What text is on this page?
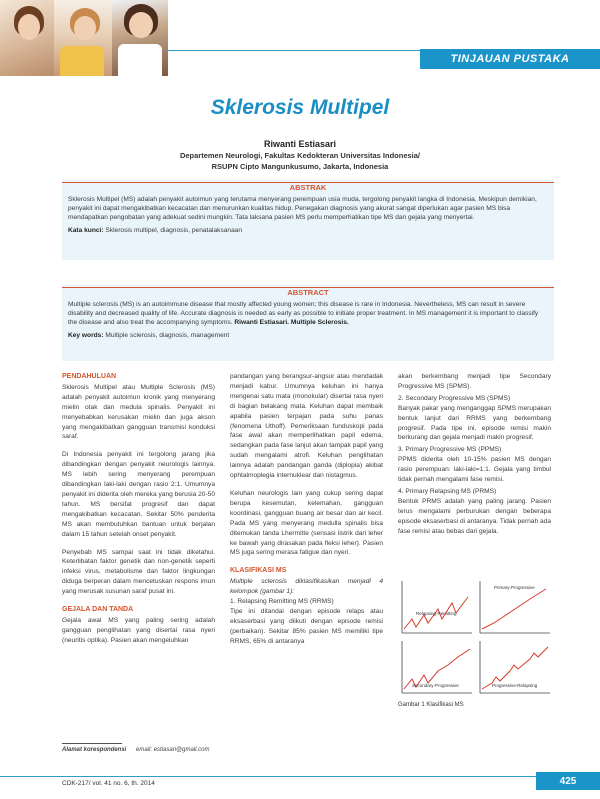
TINJAUAN PUSTAKA
Sklerosis Multipel
Riwanti Estiasari
Departemen Neurologi, Fakultas Kedokteran Universitas Indonesia/
RSUPN Cipto Mangunkusumo, Jakarta, Indonesia
ABSTRAK
Sklerosis Multipel (MS) adalah penyakit autoimun yang terutama menyerang perempuan usia muda, tergolong penyakit langka di Indonesia. Meskipun demikian, penyakit ini dapat mengakibatkan kecacatan dan menurunkan kualitas hidup. Penegakan diagnosis yang akurat sangat diperlukan agar pasien MS bisa mendapatkan pengobatan yang adekuat sedini mungkin. Tata laksana pasien MS perlu memperhatikan tipe MS dan gejala yang menyertai.
Kata kunci: Sklerosis multipel, diagnosis, penatalaksanaan
ABSTRACT
Multiple sclerosis (MS) is an autoimmune disease that mostly affected young women; this disease is rare in Indonesia. Nevertheless, MS can result in severe disability and decreased quality of life. Accurate diagnosis is needed as early as possible to initiate proper treatment. In MS management it is important to classify the disease and also treat the accompanying symptoms. Riwanti Estiasari. Multiple Sclerosis.
Key words: Multiple sclerosis, diagnosis, management
PENDAHULUAN

Sklerosis Multipel atau Multiple Sclerosis (MS) adalah penyakit autoimun kronik yang menyerang mielin otak dan medula spinalis. Penyakit ini menyebabkan kerusakan mielin dan juga akson yang mengakibatkan gangguan transmisi konduksi saraf.

Di Indonesia penyakit ini tergolong jarang jika dibandingkan dengan penyakit neurologis lainnya. MS lebih sering menyerang perempuan dibandingkan laki-laki dengan rasio 2:1. Umumnya penyakit ini diderita oleh mereka yang berusia 20-50 tahun. MS bersifat progresif dan dapat mengakibatkan kecacatan. Sekitar 50% penderita MS akan membutuhkan bantuan untuk berjalan dalam 15 tahun setelah onset penyakit.

Penyebab MS sampai saat ini tidak diketahui. Keterlibatan faktor genetik dan non-genetik seperti infeksi virus, metabolisme dan faktor lingkungan diduga berperan dalam mencetuskan respons imun yang merusak susunan saraf pusat ini.

GEJALA DAN TANDA

Gejala awal MS yang paling sering adalah gangguan penglihatan yang disertai rasa nyeri (neuritis optika). Pasien akan mengeluhkan

pandangan yang berangsur-angsur atau mendadak menjadi kabur. Umumnya keluhan ini hanya mengenai satu mata (monokular) disertai rasa nyeri di bagian belakang mata. Keluhan dapat membaik apabila pasien terpajan pada suhu panas (fenomena Uthoff). Pemeriksaan funduskopi pada fase awal akan memperlihatkan papil edema, sedangkan pada fase lanjut akan tampak papil yang sudah mengalami atrofi. Keluhan penglihatan lainnya adalah pandangan ganda (diplopia) akibat ophtalmoplegia internuklear dan nistagmus.

Keluhan neurologis lain yang cukup sering dapat berupa kesemutan, kelemahan, gangguan koordinasi, gangguan buang air besar dan air kecil. Pada MS yang menyerang medulla spinalis bisa ditemukan tanda Lhermitte (sensasi listrik dari leher ke bawah yang dirasakan pada fleksi leher). Pasien MS juga sering merasa fatigue dan nyeri.

KLASIFIKASI MS

Multiple sclerosis diklasifikasikan menjadi 4 kelompok (gambar 1):

1. Relapsing Remitting MS (RRMS)

Tipe ini ditandai dengan episode relaps atau eksaserbasi yang diikuti dengan episode remisi (perbaikan). Sekitar 85% pasien MS memiliki tipe RRMS, 65% di antaranya

akan berkembang menjadi tipe Secondary Progressive MS (SPMS).

2. Secondary Progressive MS (SPMS)

Banyak pakar yang menganggap SPMS merupakan bentuk lanjut dari RRMS yang berkembang progresif. Pada tipe ini, episode remisi makin berkurang dan gejala menjadi makin progresif.

3. Primary Progressive MS (PPMS)

PPMS diderita oleh 10-15% pasien MS dengan rasio perempuan: laki-laki=1:1. Gejala yang timbul tidak pernah mengalami fase remisi.

4. Primary Relapsing MS (PRMS)

Bentuk PRMS adalah yang paling jarang. Pasien terus mengalami perburukan dengan beberapa episode eksaserbasi di antaranya. Tidak pernah ada fase remisi atau bebas dari gejala.

Relapsing-Remitting
Primary-Progressive
Secondary-Progressive	Progressive-Relapsing
Gambar 1 Klasifikasi MS
Alamat korespondensi email: estiasari@gmail.com
CDK-217/ vol. 41 no. 6, th. 2014	425
